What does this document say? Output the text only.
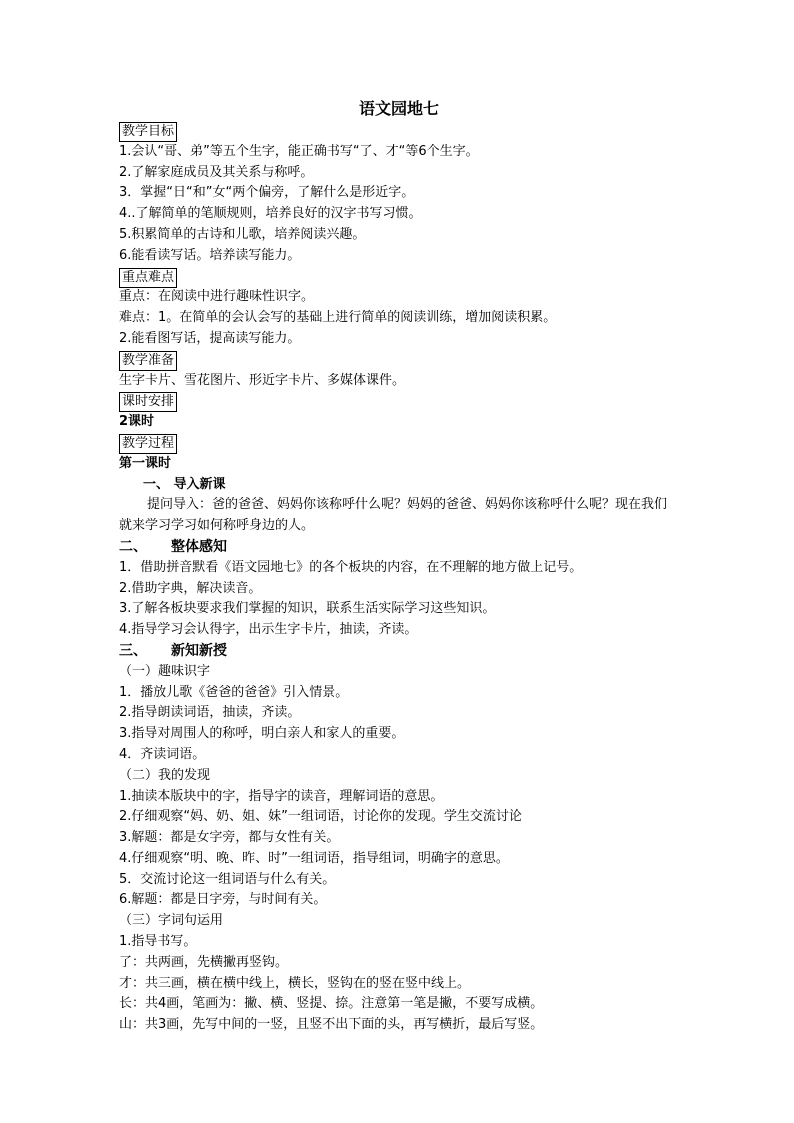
语文园地七
教学目标
1.会认“哥、弟”等五个生字，能正确书写“了、才“等6个生字。
2.了解家庭成员及其关系与称呼。
3．掌握“日“和”女“两个偏旁，了解什么是形近字。
4..了解简单的笔顺规则，培养良好的汉字书写习惯。
5.积累简单的古诗和儿歌，培养阅读兴趣。
6.能看读写话。培养读写能力。
重点难点
重点：在阅读中进行趣味性识字。
难点：1。在简单的会认会写的基础上进行简单的阅读训练，增加阅读积累。
2.能看图写话，提高读写能力。
教学准备
生字卡片、雪花图片、形近字卡片、多媒体课件。
课时安排
2课时
教学过程
第一课时
一、 导入新课
提问导入：爸的爸爸、妈妈你该称呼什么呢？妈妈的爸爸、妈妈你该称呼什么呢？现在我们就来学习学习如何称呼身边的人。
二、 整体感知
1．借助拼音默看《语文园地七》的各个板块的内容，在不理解的地方做上记号。
2.借助字典，解决读音。
3.了解各板块要求我们掌握的知识，联系生活实际学习这些知识。
4.指导学习会认得字，出示生字卡片，抽读，齐读。
三、 新知新授
（一）趣味识字
1．播放儿歌《爸爸的爸爸》引入情景。
2.指导朗读词语，抽读，齐读。
3.指导对周围人的称呼，明白亲人和家人的重要。
4．齐读词语。
（二）我的发现
1.抽读本版块中的字，指导字的读音，理解词语的意思。
2.仔细观察“妈、奶、姐、妹”一组词语，讨论你的发现。学生交流讨论
3.解题：都是女字旁，都与女性有关。
4.仔细观察“明、晚、昨、时”一组词语，指导组词，明确字的意思。
5．交流讨论这一组词语与什么有关。
6.解题：都是日字旁，与时间有关。
（三）字词句运用
1.指导书写。
了：共两画，先横撇再竖钩。
才：共三画，横在横中线上，横长，竖钩在的竖在竖中线上。
长：共4画，笔画为：撇、横、竖提、捺。注意第一笔是撇，不要写成横。
山：共3画，先写中间的一竖，且竖不出下面的头，再写横折，最后写竖。
